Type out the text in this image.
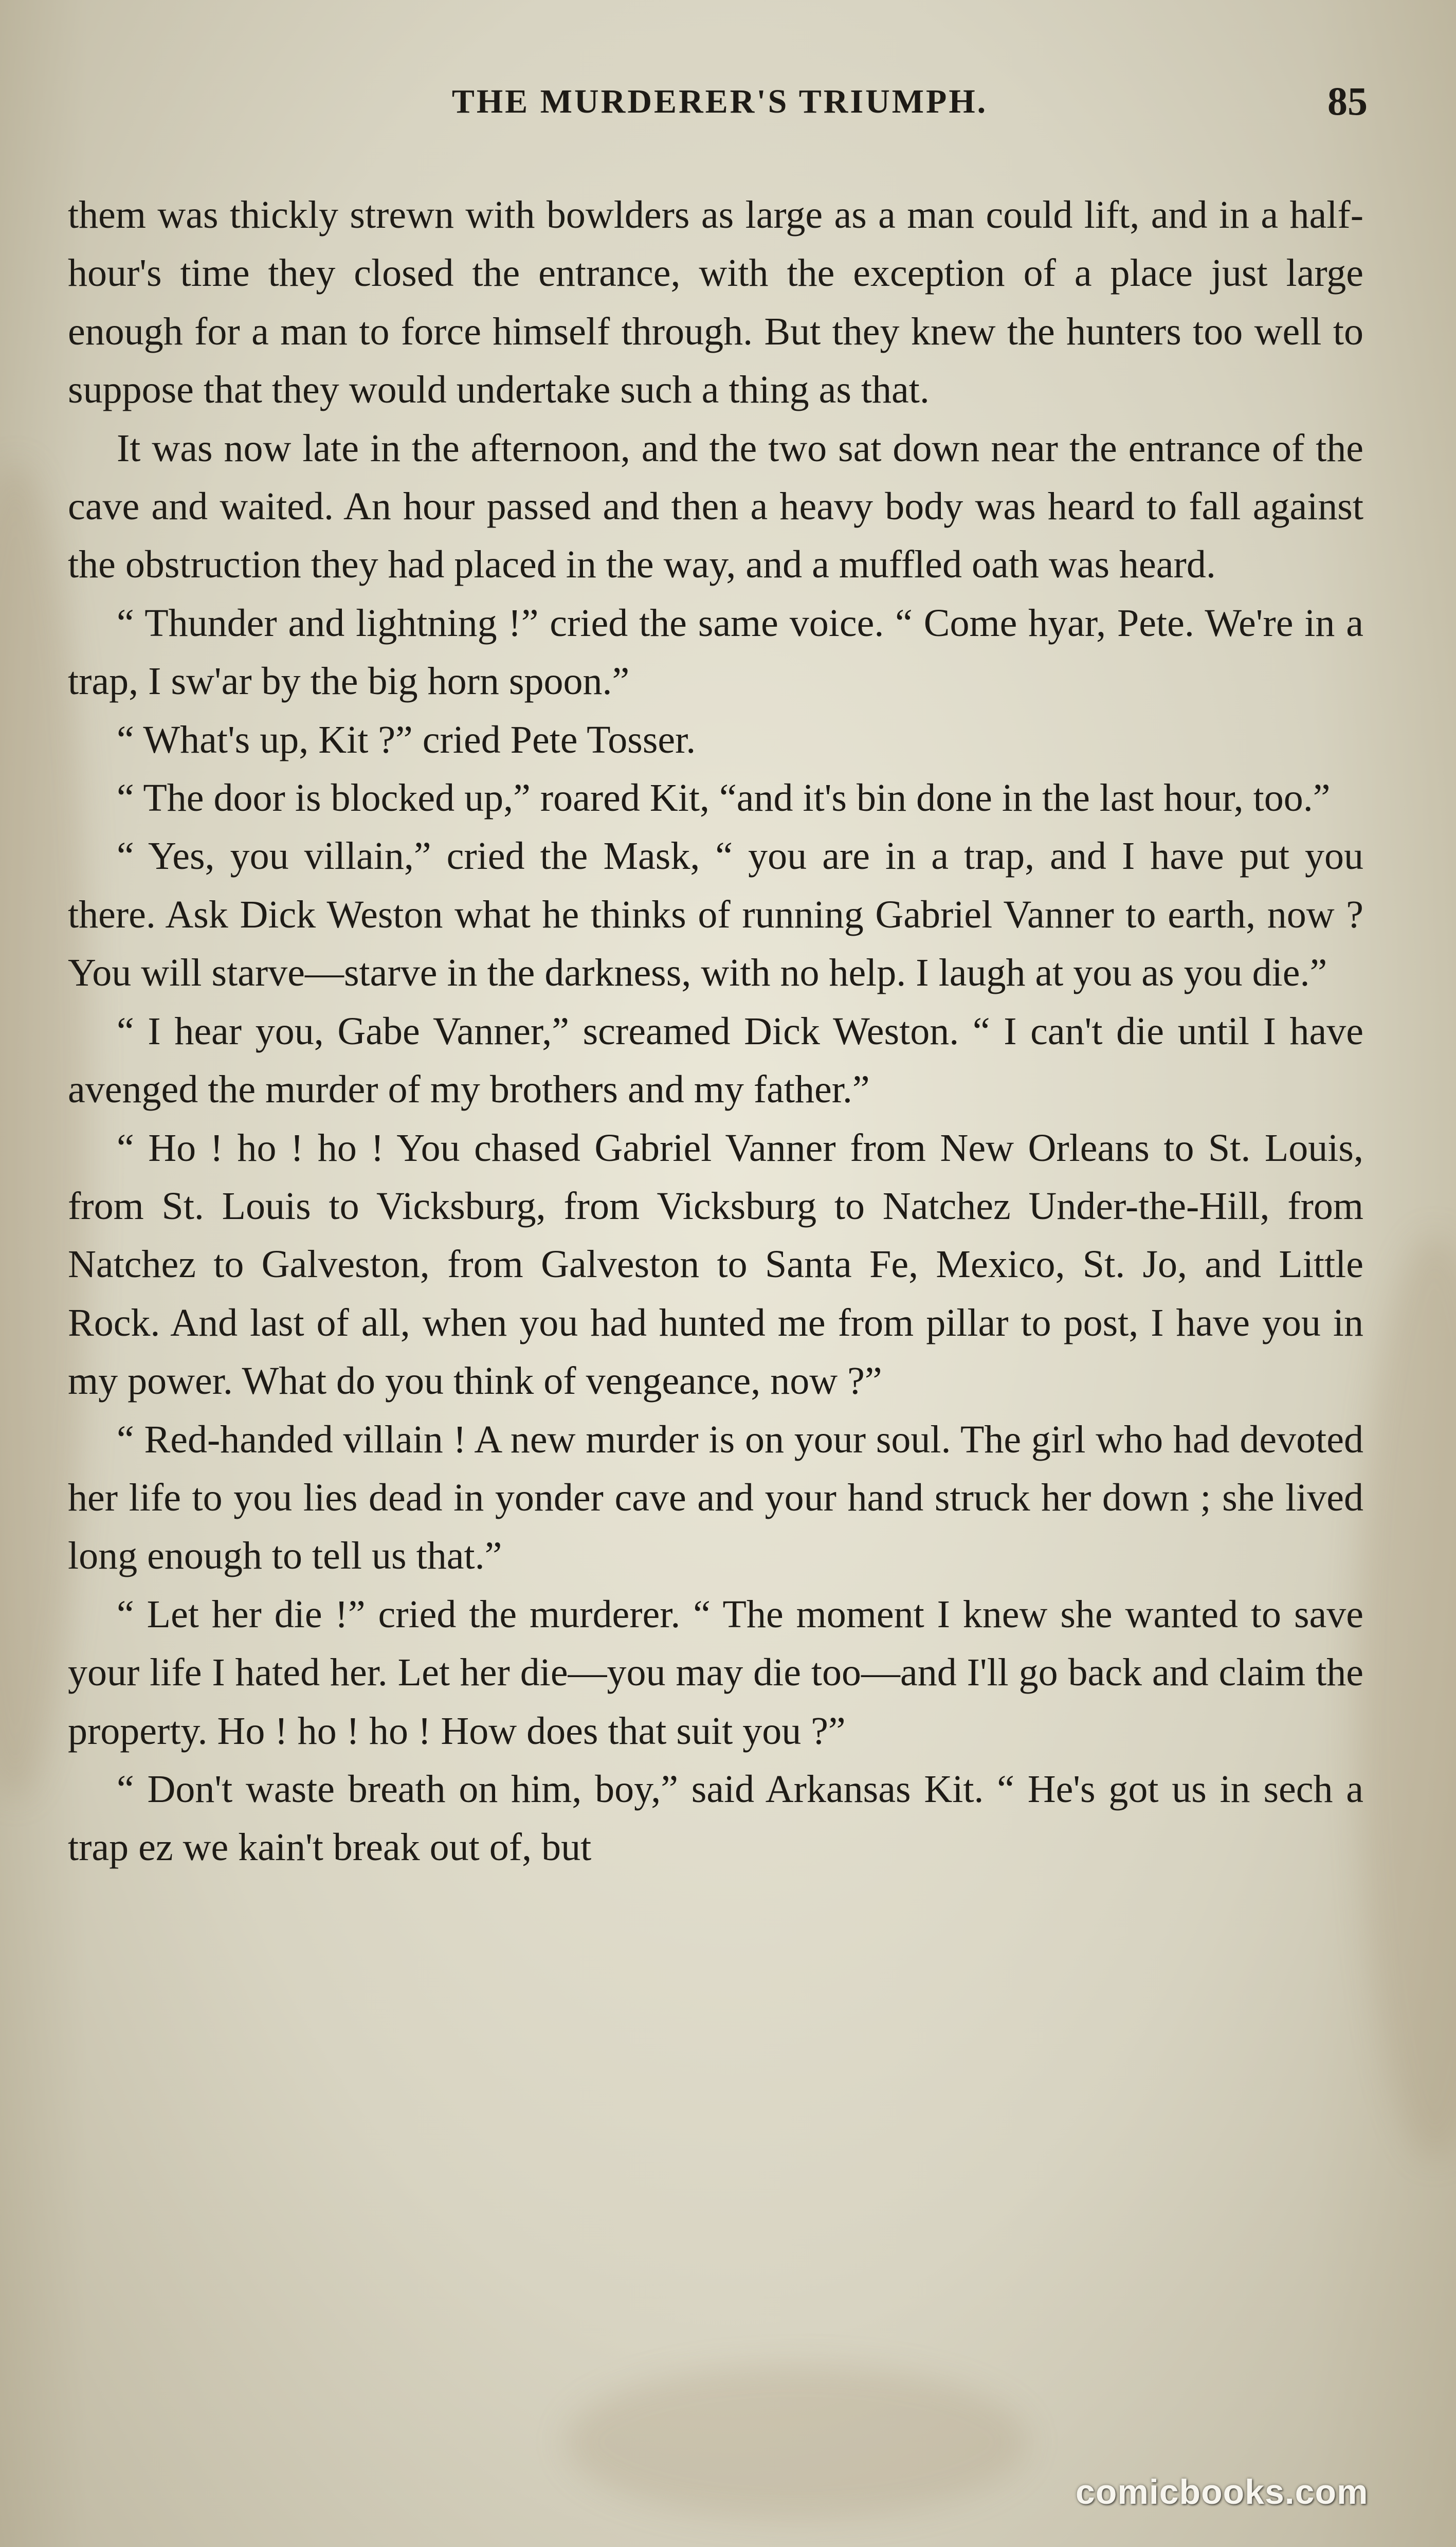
THE MURDERER'S TRIUMPH.	85

them was thickly strewn with bowlders as large as a man could lift, and in a half-hour's time they closed the entrance, with the exception of a place just large enough for a man to force himself through. But they knew the hunters too well to suppose that they would undertake such a thing as that.

It was now late in the afternoon, and the two sat down near the entrance of the cave and waited. An hour passed and then a heavy body was heard to fall against the obstruction they had placed in the way, and a muffled oath was heard.

“ Thunder and lightning !” cried the same voice. “ Come hyar, Pete. We're in a trap, I sw'ar by the big horn spoon.”

“ What's up, Kit ?” cried Pete Tosser.

“ The door is blocked up,” roared Kit, “and it's bin done in the last hour, too.”

“ Yes, you villain,” cried the Mask, “ you are in a trap, and I have put you there. Ask Dick Weston what he thinks of running Gabriel Vanner to earth, now ? You will starve—starve in the darkness, with no help. I laugh at you as you die.”

“ I hear you, Gabe Vanner,” screamed Dick Weston. “ I can't die until I have avenged the murder of my brothers and my father.”

“ Ho ! ho ! ho ! You chased Gabriel Vanner from New Orleans to St. Louis, from St. Louis to Vicksburg, from Vicksburg to Natchez Under-the-Hill, from Natchez to Galveston, from Galveston to Santa Fe, Mexico, St. Jo, and Little Rock. And last of all, when you had hunted me from pillar to post, I have you in my power. What do you think of vengeance, now ?”

“ Red-handed villain ! A new murder is on your soul. The girl who had devoted her life to you lies dead in yonder cave and your hand struck her down ; she lived long enough to tell us that.”

“ Let her die !” cried the murderer. “ The moment I knew she wanted to save your life I hated her. Let her die—you may die too—and I'll go back and claim the property. Ho ! ho ! ho ! How does that suit you ?”

“ Don't waste breath on him, boy,” said Arkansas Kit. “ He's got us in sech a trap ez we kain't break out of, but

comicbooks.com
